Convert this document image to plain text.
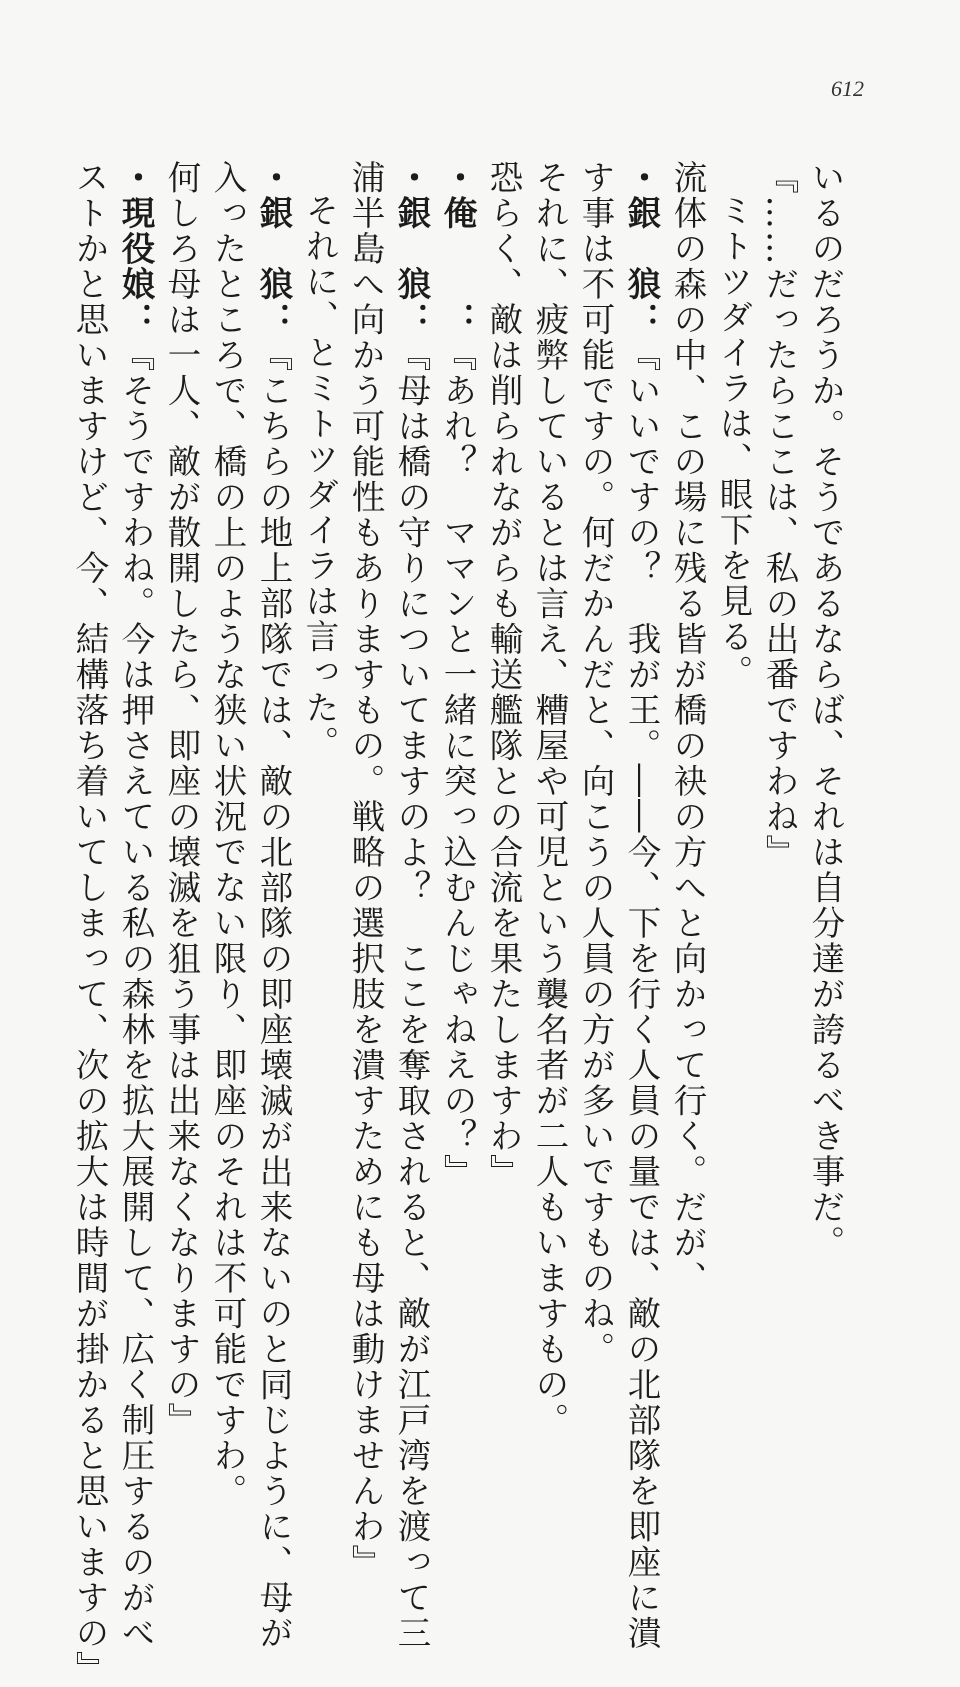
612

いるのだろうか。そうであるならば、それは自分達が誇るべき事だ。

『……だったらここは、私の出番ですわね』

ミトツダイラは、眼下を見る。

流体の森の中、この場に残る皆が橋の袂の方へと向かって行く。だが、

・銀　狼：『いいですの？　我が王。――今、下を行く人員の量では、敵の北部隊を即座に潰

す事は不可能ですの。何だかんだと、向こうの人員の方が多いですものね。

それに、疲弊しているとは言え、糟屋や可児という襲名者が二人もいますもの。

恐らく、敵は削られながらも輸送艦隊との合流を果たしますわ』

・俺　　：『あれ？　ママンと一緒に突っ込むんじゃねえの？』

・銀　狼：『母は橋の守りについてますのよ？　ここを奪取されると、敵が江戸湾を渡って三

浦半島へ向かう可能性もありますもの。戦略の選択肢を潰すためにも母は動けませんわ』

それに、とミトツダイラは言った。

・銀　狼：『こちらの地上部隊では、敵の北部隊の即座壊滅が出来ないのと同じように、母が

入ったところで、橋の上のような狭い状況でない限り、即座のそれは不可能ですわ。

何しろ母は一人、敵が散開したら、即座の壊滅を狙う事は出来なくなりますの』

・現役娘：『そうですわね。今は押さえている私の森林を拡大展開して、広く制圧するのがべ

ストかと思いますけど、今、結構落ち着いてしまって、次の拡大は時間が掛かると思いますの』
